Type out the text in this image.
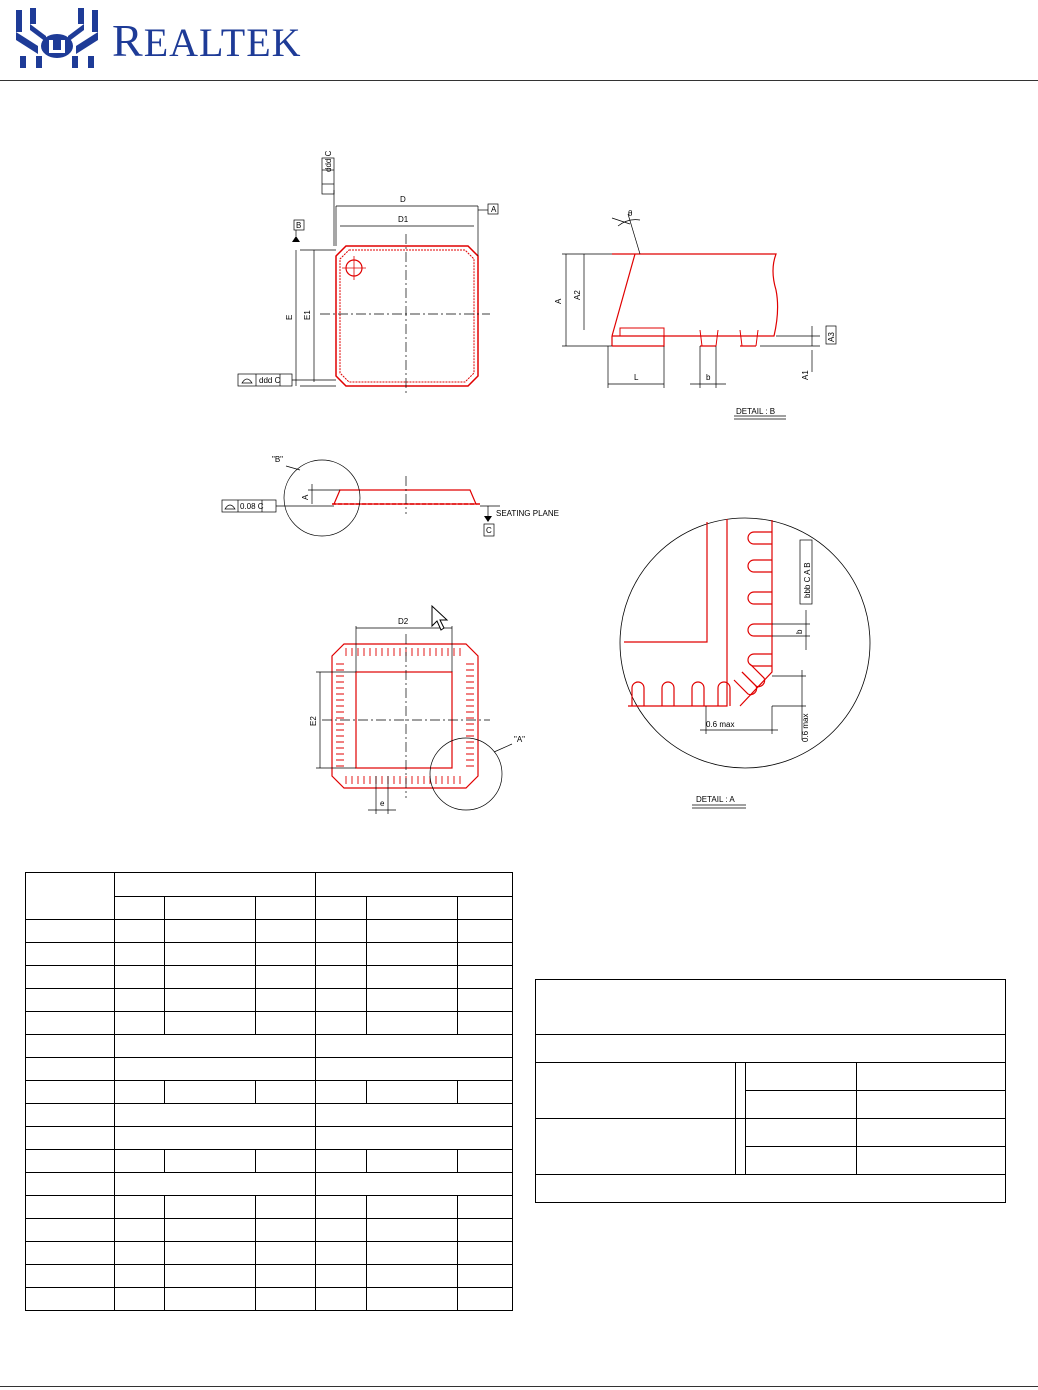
REALTEK
D
D1
A
ddd C
E E1
B
ddd C
θ
A
A2
A3
A1
L	b
DETAIL : B
"B"
A
0.08 C
SEATING PLANE
C
D2
E2
e
"A"
b
bbb C A B
0.6 max	0.6 max
DETAIL : A
